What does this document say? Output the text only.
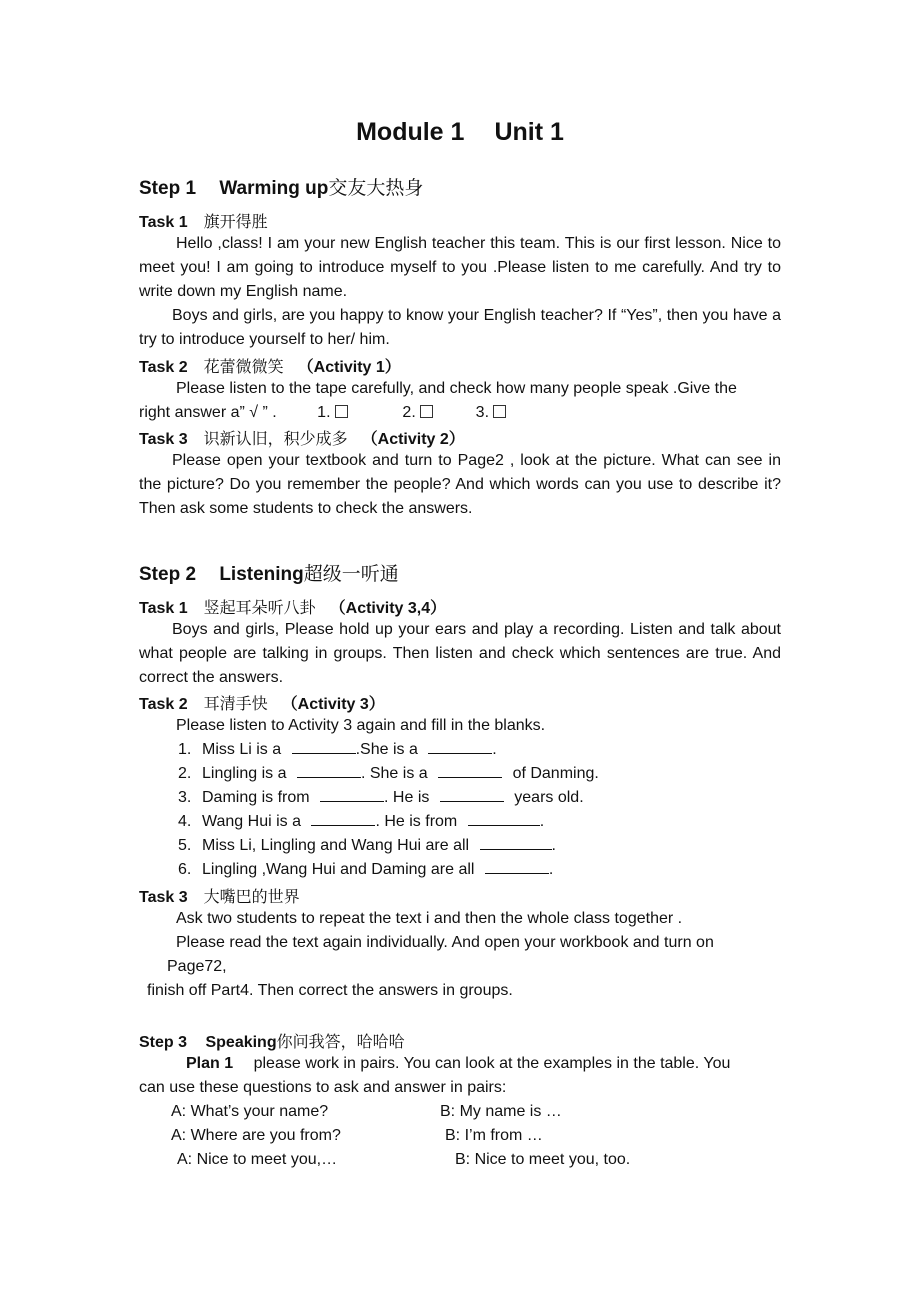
Module 1 Unit 1
Step 1 Warming up交友大热身
Task 1 旗开得胜
Hello ,class! I am your new English teacher this team. This is our first lesson. Nice to meet you! I am going to introduce myself to you .Please listen to me carefully. And try to write down my English name.
Boys and girls, are you happy to know your English teacher? If “Yes”, then you have a try to introduce yourself to her/ him.
Task 2 花蕾微微笑 （Activity 1）
Please listen to the tape carefully, and check how many people speak .Give the
right answer a” √ ” .	1.	2.	3.
Task 3 识新认旧，积少成多 （Activity 2）
Please open your textbook and turn to Page2 , look at the picture. What can see in the picture? Do you remember the people? And which words can you use to describe it? Then ask some students to check the answers.
Step 2 Listening超级一听通
Task 1 竖起耳朵听八卦 （Activity 3,4）
Boys and girls, Please hold up your ears and play a recording. Listen and talk about what people are talking in groups. Then listen and check which sentences are true. And correct the answers.
Task 2 耳清手快 （Activity 3）
Please listen to Activity 3 again and fill in the blanks.
1. Miss Li is a	.She is a	.
2. Lingling is a	. She is a	of Danming.
3. Daming is from	. He is	years old.
4. Wang Hui is a	. He is from	.
5. Miss Li, Lingling and Wang Hui are all	.
6. Lingling ,Wang Hui and Daming are all	.
Task 3 大嘴巴的世界
Ask two students to repeat the text i and then the whole class together .
Please read the text again individually. And open your workbook and turn on
Page72,
finish off Part4. Then correct the answers in groups.
Step 3 Speaking你问我答，哈哈哈
Plan 1 please work in pairs. You can look at the examples in the table. You
can use these questions to ask and answer in pairs:
A: What’s your name?	B: My name is …
A: Where are you from?	B: I’m from …
A: Nice to meet you,…	B: Nice to meet you, too.
